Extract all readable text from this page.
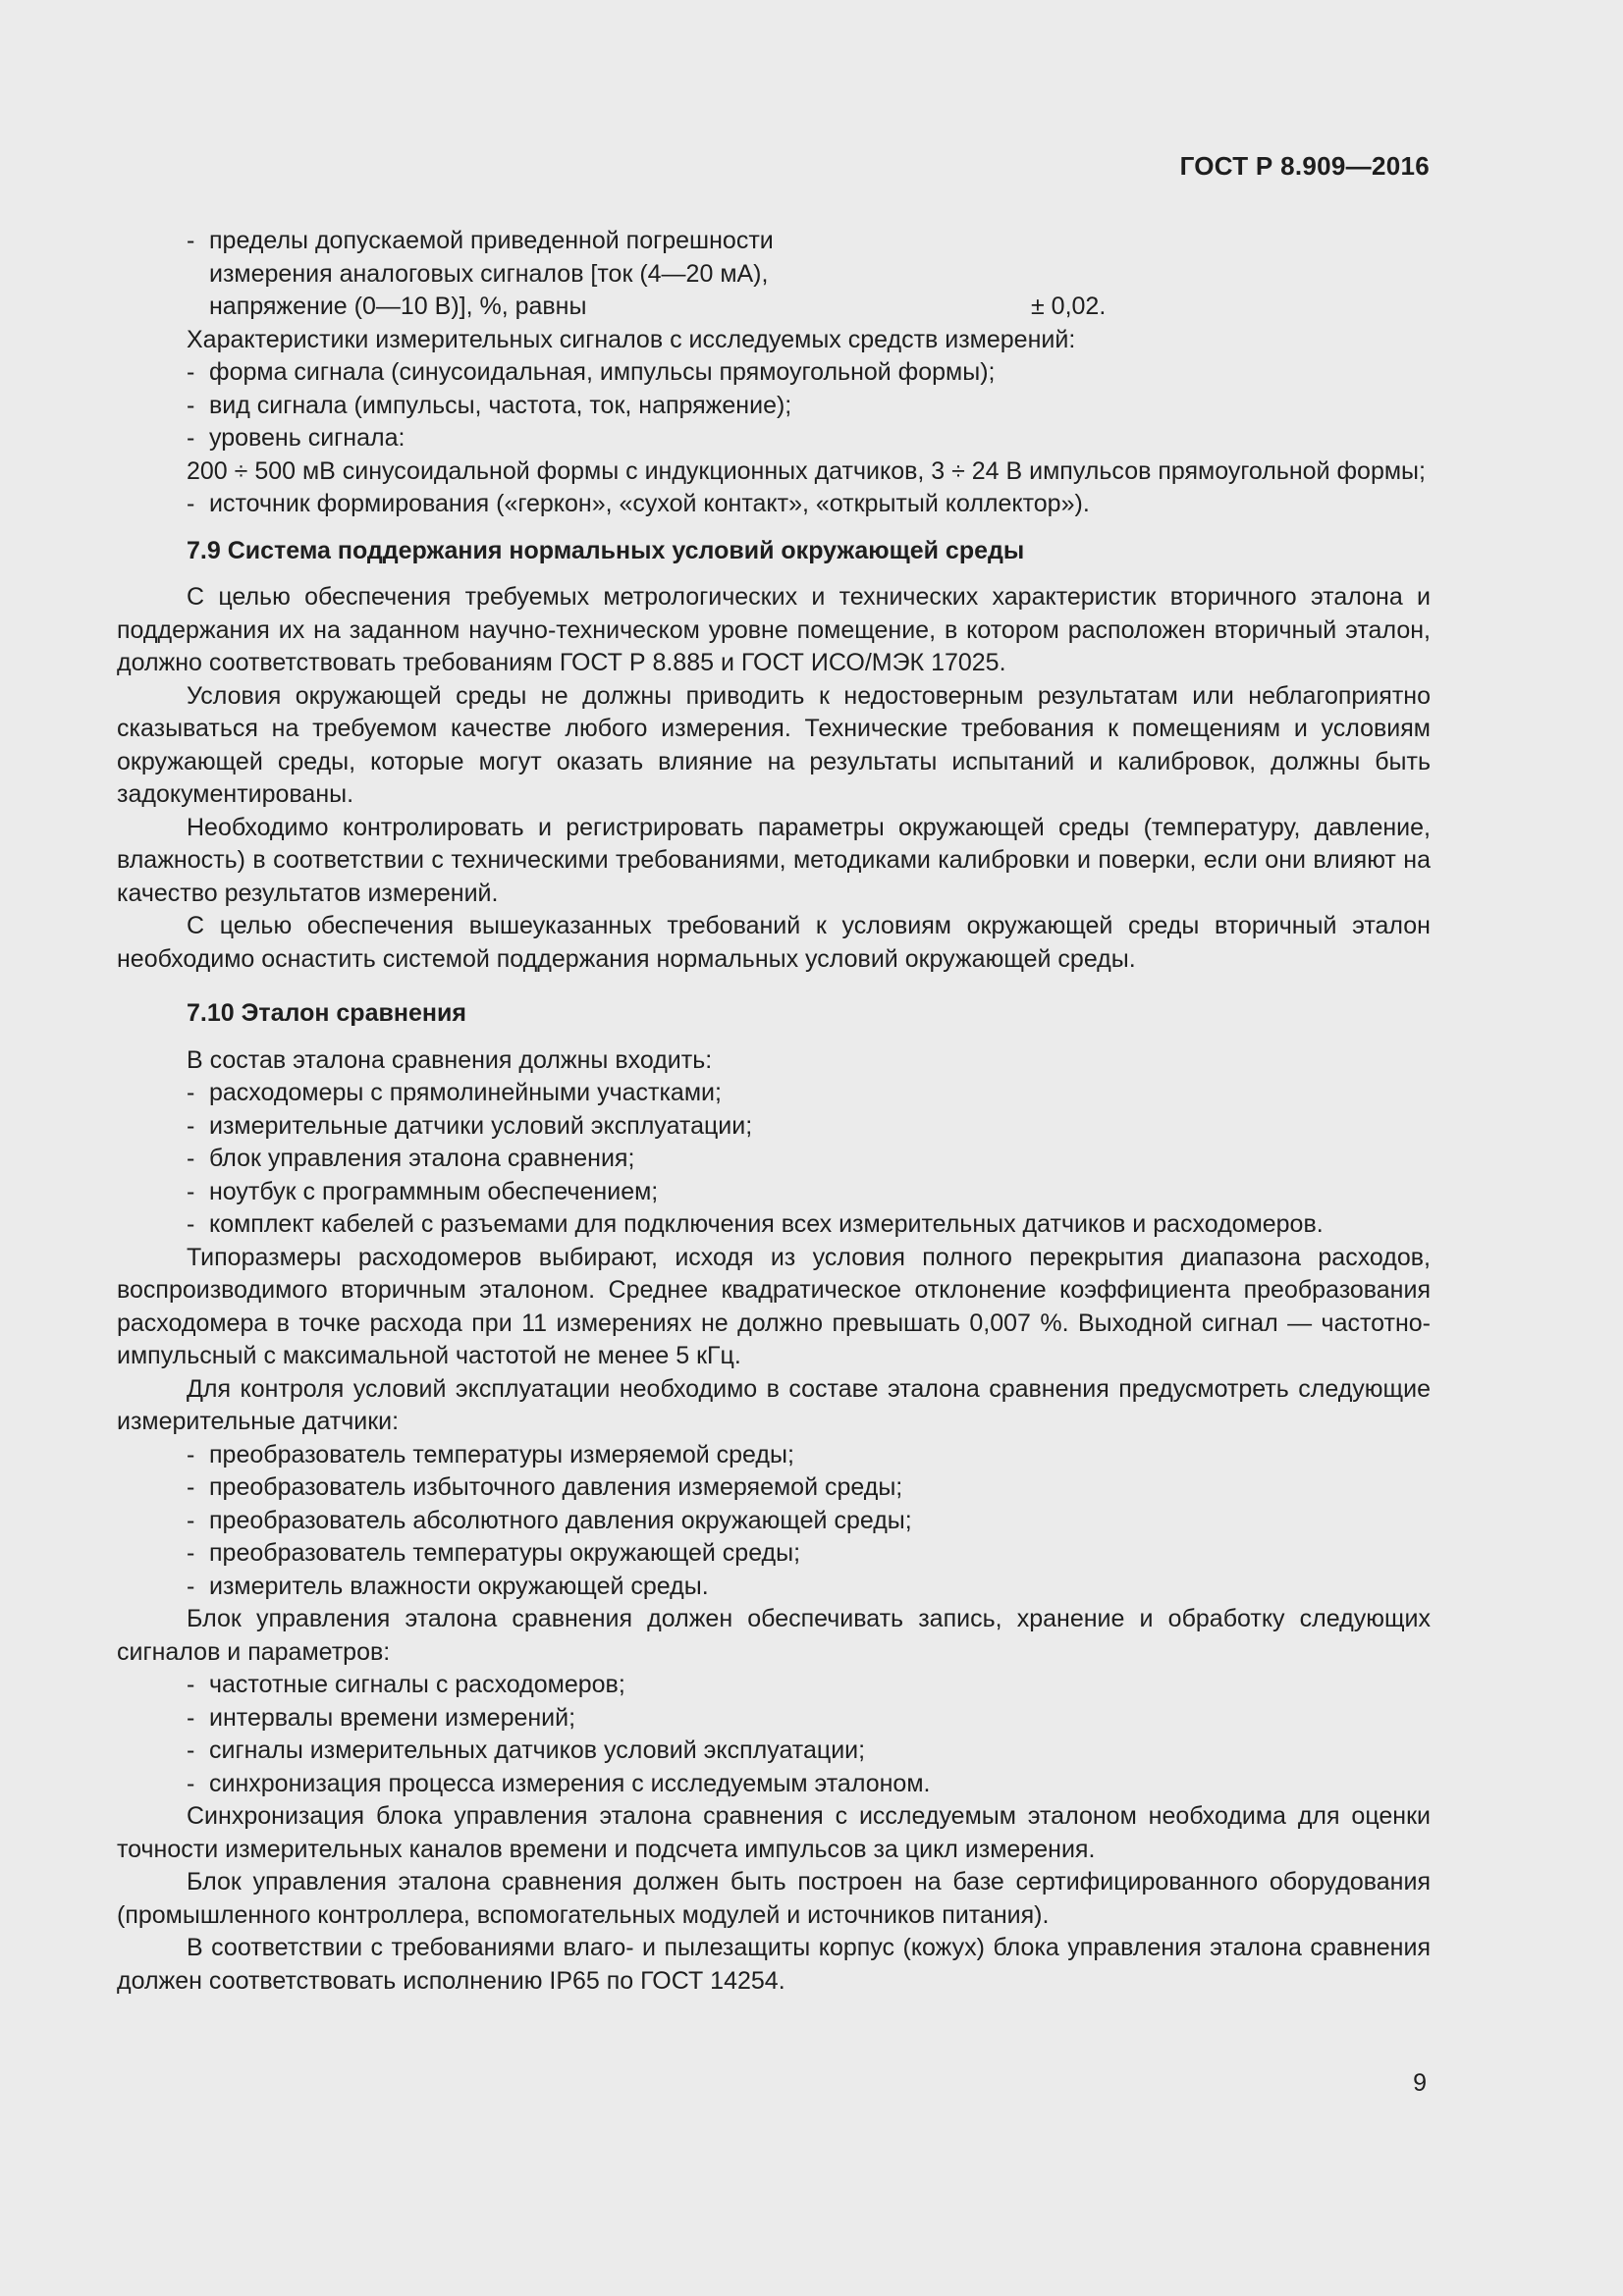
ГОСТ Р 8.909—2016
- пределы допускаемой приведенной погрешности
измерения аналоговых сигналов [ток (4—20 мА),
напряжение (0—10 В)], %, равны	± 0,02.

Характеристики измерительных сигналов с исследуемых средств измерений:

- форма сигнала (синусоидальная, импульсы прямоугольной формы);
- вид сигнала (импульсы, частота, ток, напряжение);
- уровень сигнала:

200 ÷ 500 мВ синусоидальной формы с индукционных датчиков, 3 ÷ 24 В импульсов прямоугольной формы;

- источник формирования («геркон», «сухой контакт», «открытый коллектор»).
7.9 Система поддержания нормальных условий окружающей среды

С целью обеспечения требуемых метрологических и технических характеристик вторичного эталона и поддержания их на заданном научно-техническом уровне помещение, в котором расположен вторичный эталон, должно соответствовать требованиям ГОСТ Р 8.885 и ГОСТ ИСО/МЭК 17025.

Условия окружающей среды не должны приводить к недостоверным результатам или неблагоприятно сказываться на требуемом качестве любого измерения. Технические требования к помещениям и условиям окружающей среды, которые могут оказать влияние на результаты испытаний и калибровок, должны быть задокументированы.

Необходимо контролировать и регистрировать параметры окружающей среды (температуру, давление, влажность) в соответствии с техническими требованиями, методиками калибровки и поверки, если они влияют на качество результатов измерений.

С целью обеспечения вышеуказанных требований к условиям окружающей среды вторичный эталон необходимо оснастить системой поддержания нормальных условий окружающей среды.

7.10 Эталон сравнения

В состав эталона сравнения должны входить:

- расходомеры с прямолинейными участками;
- измерительные датчики условий эксплуатации;
- блок управления эталона сравнения;
- ноутбук с программным обеспечением;
- комплект кабелей с разъемами для подключения всех измерительных датчиков и расходомеров.

Типоразмеры расходомеров выбирают, исходя из условия полного перекрытия диапазона расходов, воспроизводимого вторичным эталоном. Среднее квадратическое отклонение коэффициента преобразования расходомера в точке расхода при 11 измерениях не должно превышать 0,007 %. Выходной сигнал — частотно-импульсный с максимальной частотой не менее 5 кГц.

Для контроля условий эксплуатации необходимо в составе эталона сравнения предусмотреть следующие измерительные датчики:

- преобразователь температуры измеряемой среды;
- преобразователь избыточного давления измеряемой среды;
- преобразователь абсолютного давления окружающей среды;
- преобразователь температуры окружающей среды;
- измеритель влажности окружающей среды.

Блок управления эталона сравнения должен обеспечивать запись, хранение и обработку следующих сигналов и параметров:

- частотные сигналы с расходомеров;
- интервалы времени измерений;
- сигналы измерительных датчиков условий эксплуатации;
- синхронизация процесса измерения с исследуемым эталоном.

Синхронизация блока управления эталона сравнения с исследуемым эталоном необходима для оценки точности измерительных каналов времени и подсчета импульсов за цикл измерения.

Блок управления эталона сравнения должен быть построен на базе сертифицированного оборудования (промышленного контроллера, вспомогательных модулей и источников питания).

В соответствии с требованиями влаго- и пылезащиты корпус (кожух) блока управления эталона сравнения должен соответствовать исполнению IP65 по ГОСТ 14254.

9
